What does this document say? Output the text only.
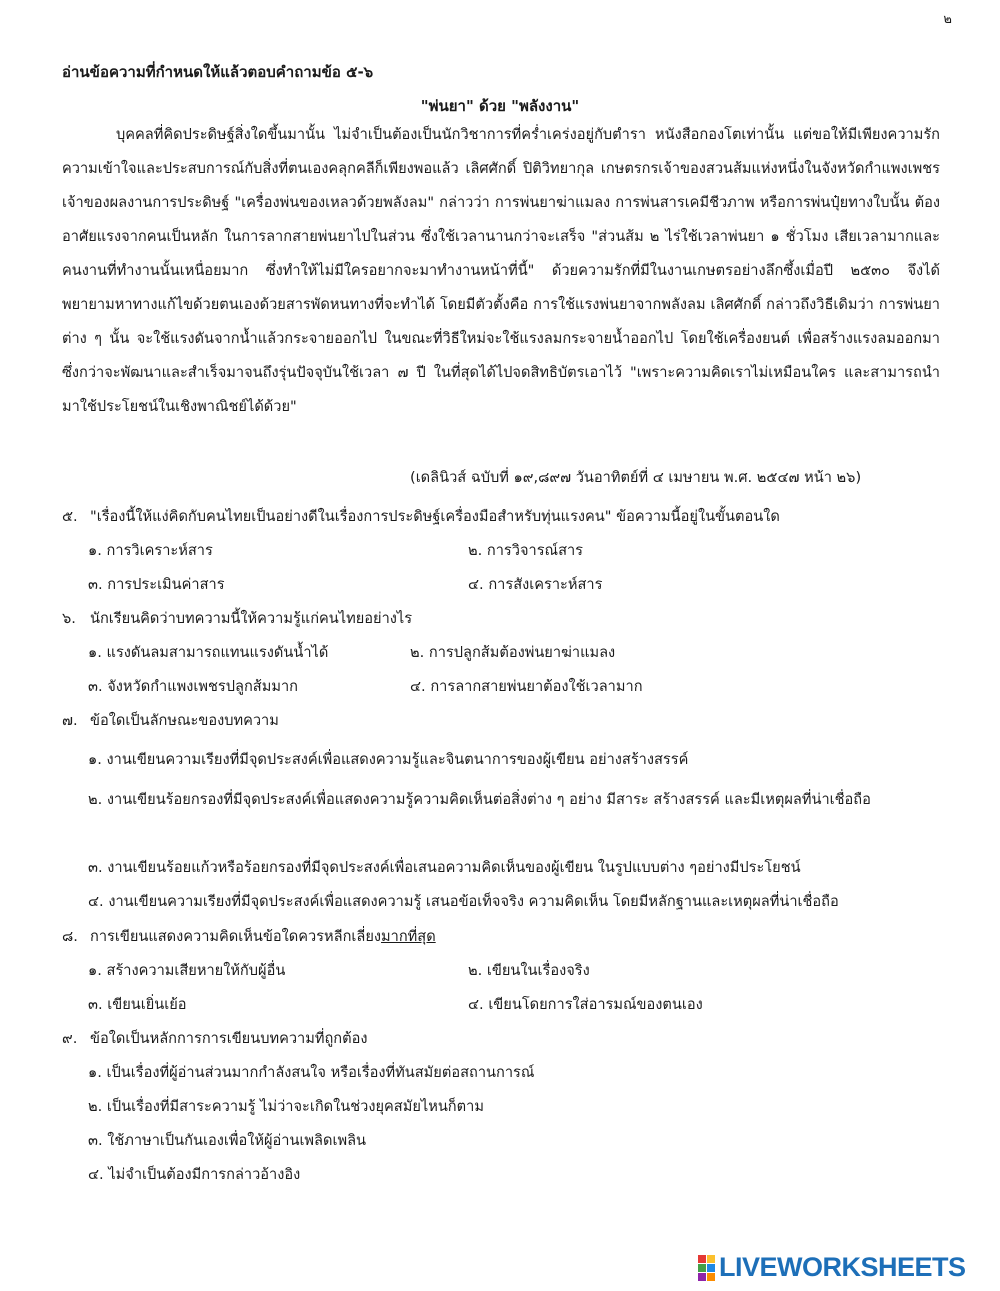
๒
อ่านข้อความที่กำหนดให้แล้วตอบคำถามข้อ ๕-๖
"พ่นยา" ด้วย "พลังงาน"

บุคคลที่คิดประดิษฐ์สิ่งใดขึ้นมานั้น ไม่จำเป็นต้องเป็นนักวิชาการที่คร่ำเคร่งอยู่กับตำรา หนังสือกองโตเท่านั้น แต่ขอให้มีเพียงความรัก ความเข้าใจและประสบการณ์กับสิ่งที่ตนเองคลุกคลีก็เพียงพอแล้ว เลิศศักดิ์ ปิติวิทยากุล เกษตรกรเจ้าของสวนส้มแห่งหนึ่งในจังหวัดกำแพงเพชร เจ้าของผลงานการประดิษฐ์ "เครื่องพ่นของเหลวด้วยพลังลม" กล่าวว่า การพ่นยาฆ่าแมลง การพ่นสารเคมีชีวภาพ หรือการพ่นปุ๋ยทางใบนั้น ต้องอาศัยแรงจากคนเป็นหลัก ในการลากสายพ่นยาไปในส่วน ซึ่งใช้เวลานานกว่าจะเสร็จ "ส่วนส้ม ๒ ไร่ใช้เวลาพ่นยา ๑ ชั่วโมง เสียเวลามากและคนงานที่ทำงานนั้นเหนื่อยมาก ซึ่งทำให้ไม่มีใครอยากจะมาทำงานหน้าที่นี้" ด้วยความรักที่มีในงานเกษตรอย่างลึกซึ้งเมื่อปี ๒๕๓๐ จึงได้พยายามหาทางแก้ไขด้วยตนเองด้วยสารพัดหนทางที่จะทำได้ โดยมีตัวตั้งคือ การใช้แรงพ่นยาจากพลังลม เลิศศักดิ์ กล่าวถึงวิธีเดิมว่า การพ่นยาต่าง ๆ นั้น จะใช้แรงดันจากน้ำแล้วกระจายออกไป ในขณะที่วิธีใหม่จะใช้แรงลมกระจายน้ำออกไป โดยใช้เครื่องยนต์ เพื่อสร้างแรงลมออกมา ซึ่งกว่าจะพัฒนาและสำเร็จมาจนถึงรุ่นปัจจุบันใช้เวลา ๗ ปี ในที่สุดได้ไปจดสิทธิบัตรเอาไว้ "เพราะความคิดเราไม่เหมือนใคร และสามารถนำมาใช้ประโยชน์ในเชิงพาณิชย์ได้ด้วย"

(เดลินิวส์ ฉบับที่ ๑๙,๘๙๗ วันอาทิตย์ที่ ๔ เมษายน พ.ศ. ๒๕๔๗ หน้า ๒๖)
๕. "เรื่องนี้ให้แง่คิดกับคนไทยเป็นอย่างดีในเรื่องการประดิษฐ์เครื่องมือสำหรับทุ่นแรงคน" ข้อความนี้อยู่ในขั้นตอนใด
๑. การวิเคราะห์สาร	๒. การวิจารณ์สาร
๓. การประเมินค่าสาร	๔. การสังเคราะห์สาร
๖. นักเรียนคิดว่าบทความนี้ให้ความรู้แก่คนไทยอย่างไร
๑. แรงดันลมสามารถแทนแรงดันน้ำได้	๒. การปลูกส้มต้องพ่นยาฆ่าแมลง
๓. จังหวัดกำแพงเพชรปลูกส้มมาก	๔. การลากสายพ่นยาต้องใช้เวลามาก
๗. ข้อใดเป็นลักษณะของบทความ
๑. งานเขียนความเรียงที่มีจุดประสงค์เพื่อแสดงความรู้และจินตนาการของผู้เขียน อย่างสร้างสรรค์
๒. งานเขียนร้อยกรองที่มีจุดประสงค์เพื่อแสดงความรู้ความคิดเห็นต่อสิ่งต่าง ๆ อย่าง มีสาระ สร้างสรรค์ และมีเหตุผลที่น่าเชื่อถือ
๓. งานเขียนร้อยแก้วหรือร้อยกรองที่มีจุดประสงค์เพื่อเสนอความคิดเห็นของผู้เขียน ในรูปแบบต่าง ๆอย่างมีประโยชน์
๔. งานเขียนความเรียงที่มีจุดประสงค์เพื่อแสดงความรู้ เสนอข้อเท็จจริง ความคิดเห็น โดยมีหลักฐานและเหตุผลที่น่าเชื่อถือ
๘. การเขียนแสดงความคิดเห็นข้อใดควรหลีกเลี่ยงมากที่สุด
๑. สร้างความเสียหายให้กับผู้อื่น	๒. เขียนในเรื่องจริง
๓. เขียนเยิ่นเย้อ	๔. เขียนโดยการใส่อารมณ์ของตนเอง
๙. ข้อใดเป็นหลักการการเขียนบทความที่ถูกต้อง
๑. เป็นเรื่องที่ผู้อ่านส่วนมากกำลังสนใจ หรือเรื่องที่ทันสมัยต่อสถานการณ์
๒. เป็นเรื่องที่มีสาระความรู้ ไม่ว่าจะเกิดในช่วงยุคสมัยไหนก็ตาม
๓. ใช้ภาษาเป็นกันเองเพื่อให้ผู้อ่านเพลิดเพลิน
๔. ไม่จำเป็นต้องมีการกล่าวอ้างอิง
LIVEWORKSHEETS
